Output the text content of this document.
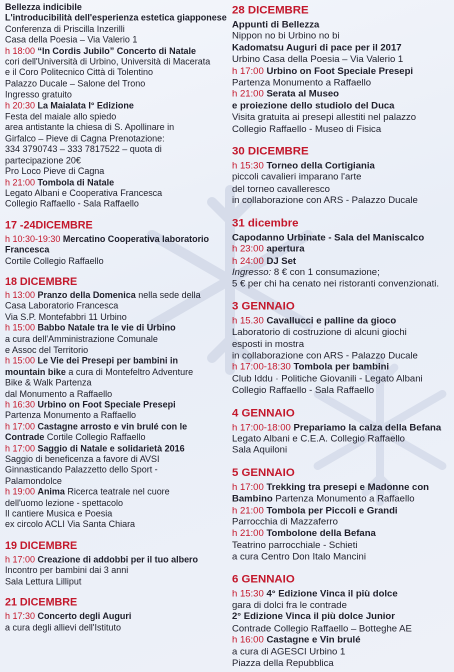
Bellezza indicibile
L'introducibilità dell'esperienza estetica giapponese
Conferenza di Priscilla Inzerilli
Casa della Poesia – Via Valerio 1
h 18:00 “In Cordis Jubilo” Concerto di Natale
cori dell'Università di Urbino, Università di Macerata
e il Coro Politecnico Città di Tolentino
Palazzo Ducale – Salone del Trono
Ingresso gratuito
h 20:30 La Maialata I° Edizione
Festa del maiale allo spiedo
area antistante la chiesa di S. Apollinare in
Girfalco – Pieve di Cagna Prenotazione:
334 3790743 – 333 7817522 – quota di
partecipazione 20€
Pro Loco Pieve di Cagna
h 21:00 Tombola di Natale
Legato Albani e Cooperativa Francesca
Collegio Raffaello - Sala Raffaello
17 -24DICEMBRE
h 10:30-19:30 Mercatino Cooperativa laboratorio
Francesca
Cortile Collegio Raffaello
18 DICEMBRE
h 13:00 Pranzo della Domenica nella sede della
Casa Laboratorio Francesca
Via S.P. Montefabbri 11 Urbino
h 15:00 Babbo Natale tra le vie di Urbino
a cura dell'Amministrazione Comunale
e Assoc del Territorio
h 15:00 Le Vie dei Presepi per bambini in
mountain bike a cura di Montefeltro Adventure
Bike & Walk Partenza
dal Monumento a Raffaello
h 16:30 Urbino on Foot Speciale Presepi
Partenza Monumento a Raffaello
h 17:00 Castagne arrosto e vin brulé con le
Contrade Cortile Collegio Raffaello
h 17:00 Saggio di Natale e solidarietà 2016
Saggio di beneficenza a favore di AVSI
Ginnasticando Palazzetto dello Sport -
Palamondolce
h 19:00 Anima Ricerca teatrale nel cuore
dell'uomo lezione - spettacolo
Il cantiere Musica e Poesia
ex circolo ACLI Via Santa Chiara
19 DICEMBRE
h 17:00 Creazione di addobbi per il tuo albero
Incontro per bambini dai 3 anni
Sala Lettura Lilliput
21 DICEMBRE
h 17:30 Concerto degli Auguri
a cura degli allievi dell'Istituto
28 DICEMBRE
Appunti di Bellezza
Nippon no bi Urbino no bi
Kadomatsu Auguri di pace per il 2017
Urbino Casa della Poesia – Via Valerio 1
h 17:00 Urbino on Foot Speciale Presepi
Partenza Monumento a Raffaello
h 21:00 Serata al Museo
e proiezione dello studiolo del Duca
Visita gratuita ai presepi allestiti nel palazzo
Collegio Raffaello - Museo di Fisica
30 DICEMBRE
h 15:30 Torneo della Cortigiania
piccoli cavalieri imparano l'arte
del torneo cavalleresco
in collaborazione con ARS - Palazzo Ducale
31 dicembre
Capodanno Urbinate - Sala del Maniscalco
h 23:00 apertura
h 24:00 DJ Set
Ingresso: 8 € con 1 consumazione;
5 € per chi ha cenato nei ristoranti convenzionati.
3 GENNAIO
h 15.30 Cavallucci e palline da gioco
Laboratorio di costruzione di alcuni giochi
esposti in mostra
in collaborazione con ARS - Palazzo Ducale
h 17:00-18:30 Tombola per bambini
Club Iddu · Politiche Giovanili - Legato Albani
Collegio Raffaello - Sala Raffaello
4 GENNAIO
h 17:00-18:00 Prepariamo la calza della Befana
Legato Albani e C.E.A. Collegio Raffaello
Sala Aquiloni
5 GENNAIO
h 17:00 Trekking tra presepi e Madonne con
Bambino Partenza Monumento a Raffaello
h 21:00 Tombola per Piccoli e Grandi
Parrocchia di Mazzaferro
h 21:00 Tombolone della Befana
Teatrino parrocchiale - Schieti
a cura Centro Don Italo Mancini
6 GENNAIO
h 15:30 4° Edizione Vinca il più dolce
gara di dolci fra le contrade
2° Edizione Vinca il più dolce Junior
Contrade Collegio Raffaello – Botteghe AE
h 16:00 Castagne e Vin brulé
a cura di AGESCI Urbino 1
Piazza della Repubblica
